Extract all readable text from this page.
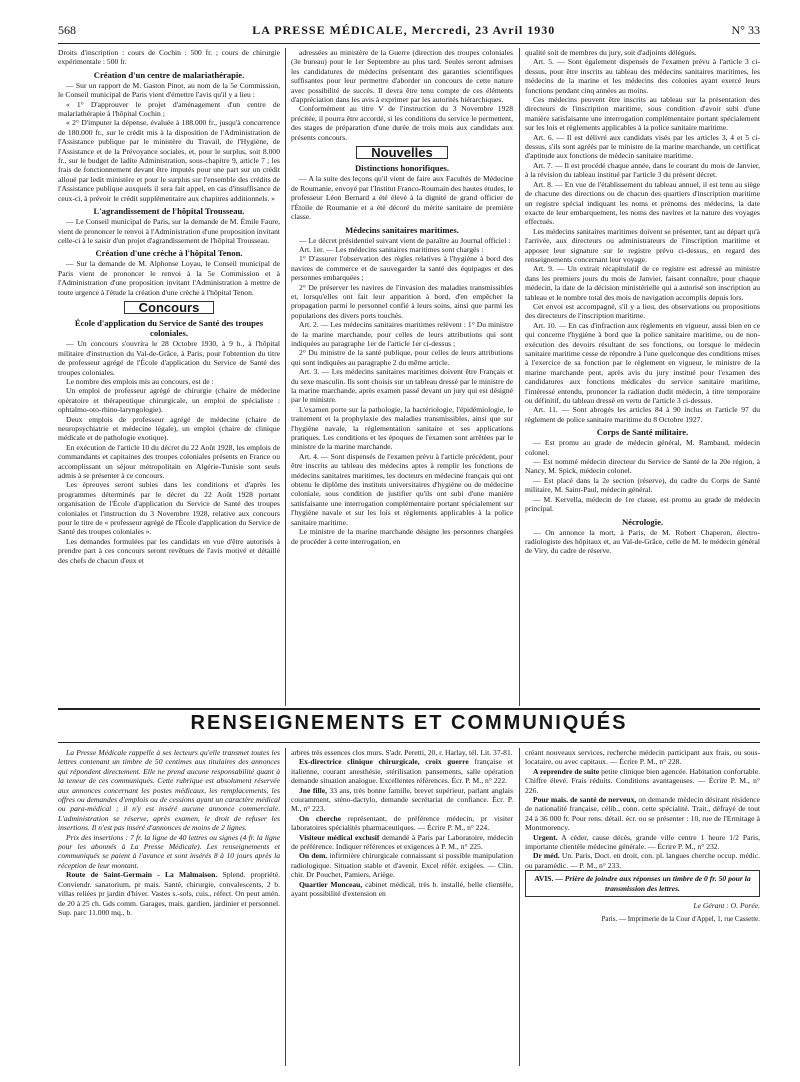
568	LA PRESSE MÉDICALE, Mercredi, 23 Avril 1930	N° 33

Droits d'inscription : cours de Cochin : 500 fr. ; cours de chirurgie expérimentale : 500 fr.

Création d'un centre de malariathérapie.

— Sur un rapport de M. Gaston Pinot, au nom de la 5e Commission, le Conseil municipal de Paris vient d'émettre l'avis qu'il y a lieu :

« 1° D'approuver le projet d'aménagement d'un centre de malariathérapie à l'hôpital Cochin ;

« 2° D'imputer la dépense, évaluée à 188.000 fr., jusqu'à concurrence de 180.000 fr., sur le crédit mis à la disposition de l'Administration de l'Assistance publique par le ministère du Travail, de l'Hygiène, de l'Assistance et de la Prévoyance sociales, et, pour le surplus, soit 8.000 fr., sur le budget de ladite Administration, sous-chapitre 9, article 7 ; les frais de fonctionnement devant être imputés pour une part sur un crédit alloué par ledit ministère et pour le surplus sur l'ensemble des crédits de l'Assistance publique auxquels il sera fait appel, en cas d'insuffisance de ceux-ci, à prévoir le crédit supplémentaire aux chapitres additionnels. »

L'agrandissement de l'hôpital Trousseau.

— Le Conseil municipal de Paris, sur la demande de M. Émile Faure, vient de prononcer le renvoi à l'Administration d'une proposition invitant celle-ci à le saisir d'un projet d'agrandissement de l'hôpital Trousseau.

Création d'une crèche à l'hôpital Tenon.

— Sur la demande de M. Alphonse Loyau, le Conseil municipal de Paris vient de prononcer le renvoi à la 5e Commission et à l'Administration d'une proposition invitant l'Administration à mettre de toute urgence à l'étude la création d'une crèche à l'hôpital Tenon.

Concours
École d'application du Service de Santé des troupes coloniales.

— Un concours s'ouvrira le 28 Octobre 1930, à 9 h., à l'hôpital militaire d'instruction du Val-de-Grâce, à Paris, pour l'obtention du titre de professeur agrégé de l'École d'application du Service de Santé des troupes coloniales.

Le nombre des emplois mis au concours, est de :

Un emploi de professeur agrégé de chirurgie (chaire de médecine opératoire et thérapeutique chirurgicale, un emploi de spécialiste : ophtalmo-oto-rhino-laryngologie).

Deux emplois de professeur agrégé de médecine (chaire de neuropsychiatrie et médecine légale), un emploi (chaire de clinique médicale et de pathologie exotique).

En exécution de l'article 10 du décret du 22 Août 1928, les emplois de commandants et capitaines des troupes coloniales présents en France ou accomplissant un séjour métropolitain en Algérie-Tunisie sont seuls admis à se présenter à ce concours.

Les épreuves seront subies dans les conditions et d'après les programmes déterminés par le décret du 22 Août 1928 portant organisation de l'École d'application du Service de Santé des troupes coloniales et l'instruction du 3 Novembre 1928, relative aux concours pour le titre de « professeur agrégé de l'École d'application du Service de Santé des troupes coloniales ».

Les demandes formulées par les candidats en vue d'être autorisés à prendre part à ces concours seront revêtues de l'avis motivé et détaillé des chefs de chacun d'eux et

adressées au ministère de la Guerre (direction des troupes coloniales (3e bureau) pour le 1er Septembre au plus tard. Seules seront admises les candidatures de médecins présentant des garanties scientifiques suffisantes pour leur permettre d'aborder un concours de cette nature avec possibilité de succès. Il devra être tenu compte de ces éléments d'appréciation dans les avis à exprimer par les autorités hiérarchiques.

Conformément au titre V de l'instruction du 3 Novembre 1928 précitée, il pourra être accordé, si les conditions du service le permettent, des stages de préparation d'une durée de trois mois aux candidats aux présents concours.

Nouvelles
Distinctions honorifiques.

— A la suite des leçons qu'il vient de faire aux Facultés de Médecine de Roumanie, envoyé par l'Institut Franco-Roumain des hautes études, le professeur Léon Bernard a été élevé à la dignité de grand officier de l'Étoile de Roumanie et a été décoré du mérite sanitaire de première classe.

Médecins sanitaires maritimes.

— Le décret présidentiel suivant vient de paraître au Journal officiel :

Art. 1er. — Les médecins sanitaires maritimes sont chargés :

1° D'assurer l'observation des règles relatives à l'hygiène à bord des navires de commerce et de sauvegarder la santé des équipages et des personnes embarquées ;

2° De préserver les navires de l'invasion des maladies transmissibles et, lorsqu'elles ont fait leur apparition à bord, d'en empêcher la propagation parmi le personnel confié à leurs soins, ainsi que parmi les populations des divers ports touchés.

Art. 2. — Les médecins sanitaires maritimes relèvent : 1° Du ministre de la marine marchande, pour celles de leurs attributions qui sont indiquées au paragraphe 1er de l'article 1er ci-dessus ;

2° Du ministre de la santé publique, pour celles de leurs attributions qui sont indiquées au paragraphe 2 du même article.

Art. 3. — Les médecins sanitaires maritimes doivent être Français et du sexe masculin. Ils sont choisis sur un tableau dressé par le ministre de la marine marchande, après examen passé devant un jury qui est désigné par le ministre.

L'examen porte sur la pathologie, la bactériologie, l'épidémiologie, le traitement et la prophylaxie des maladies transmissibles, ainsi que sur l'hygiène navale, la réglementation sanitaire et ses applications pratiques. Les conditions et les époques de l'examen sont arrêtées par le ministre de la marine marchande.

Art. 4. — Sont dispensés de l'examen prévu à l'article précédent, pour être inscrits au tableau des médecins aptes à remplir les fonctions de médecins sanitaires maritimes, les docteurs en médecine français qui ont obtenu le diplôme des instituts universitaires d'hygiène ou de médecine coloniale, sous condition de justifier qu'ils ont subi d'une manière satisfaisante une interrogation complémentaire portant spécialement sur l'hygiène navale et sur les lois et règlements applicables à la police sanitaire maritime.

Le ministre de la marine marchande désigne les personnes chargées de procéder à cette interrogation, en

qualité soit de membres du jury, soit d'adjoints délégués.

Art. 5. — Sont également dispensés de l'examen prévu à l'article 3 ci-dessus, pour être inscrits au tableau des médecins sanitaires maritimes, les médecins de la marine et les médecins des colonies ayant exercé leurs fonctions pendant cinq années au moins.

Ces médecins peuvent être inscrits au tableau sur la présentation des directeurs de l'inscription maritime, sous condition d'avoir subi d'une manière satisfaisante une interrogation complémentaire portant spécialement sur les lois et règlements applicables à la police sanitaire maritime.

Art. 6. — Il est délivré aux candidats visés par les articles 3, 4 et 5 ci-dessus, s'ils sont agréés par le ministre de la marine marchande, un certificat d'aptitude aux fonctions de médecin sanitaire maritime.

Art. 7. — Il est procédé chaque année, dans le courant du mois de Janvier, à la révision du tableau institué par l'article 3 du présent décret.

Art. 8. — En vue de l'établissement du tableau annuel, il est tenu au siège de chacune des directions ou de chacun des quartiers d'inscription maritime un registre spécial indiquant les noms et prénoms des médecins, la date exacte de leur embarquement, les noms des navires et la nature des voyages effectués.

Les médecins sanitaires maritimes doivent se présenter, tant au départ qu'à l'arrivée, aux directeurs ou administrateurs de l'inscription maritime et apposer leur signature sur le registre prévu ci-dessus, en regard des renseignements concernant leur voyage.

Art. 9. — Un extrait récapitulatif de ce registre est adressé au ministre dans les premiers jours du mois de Janvier, faisant connaître, pour chaque médecin, la date de la décision ministérielle qui a autorisé son inscription au tableau et le nombre total des mois de navigation accomplis depuis lors.

Cet envoi est accompagné, s'il y a lieu, des observations ou propositions des directeurs de l'inscription maritime.

Art. 10. — En cas d'infraction aux règlements en vigueur, aussi bien en ce qui concerne l'hygiène à bord que la police sanitaire maritime, ou de non-exécution des devoirs résultant de ses fonctions, ou lorsque le médecin sanitaire maritime cesse de répondre à l'une quelconque des conditions mises à l'exercice de sa fonction par le règlement en vigueur, le ministre de la marine marchande peut, après avis du jury institué pour l'examen des candidatures aux fonctions médicales du service sanitaire maritime, l'intéressé entendu, prononcer la radiation dudit médecin, à titre temporaire ou définitif, du tableau dressé en vertu de l'article 3 ci-dessus.

Art. 11. — Sont abrogés les articles 84 à 90 inclus et l'article 97 du règlement de police sanitaire maritime du 8 Octobre 1927.

Corps de Santé militaire.

— Est promu au grade de médecin général, M. Rambaud, médecin colonel.

— Est nommé médecin directeur du Service de Santé de la 20e région, à Nancy, M. Spick, médecin colonel.

— Est placé dans la 2e section (réserve), du cadre du Corps de Santé militaire, M. Saint-Paul, médecin général.

— M. Kervella, médecin de 1re classe, est promu au grade de médecin principal.

Nécrologie.

— On annonce la mort, à Paris, de M. Robert Chaperon, électro-radiologiste des hôpitaux et, au Val-de-Grâce, celle de M. le médecin général de Viry, du cadre de réserve.

RENSEIGNEMENTS ET COMMUNIQUÉS

La Presse Médicale rappelle à ses lecteurs qu'elle transmet toutes les lettres contenant un timbre de 50 centimes aux titulaires des annonces qui répondent directement. Elle ne prend aucune responsabilité quant à la teneur de ces communiqués. Cette rubrique est absolument réservée aux annonces concernant les postes médicaux, les remplacements, les offres ou demandes d'emplois ou de cessions ayant un caractère médical ou para-médical ; il n'y est inséré aucune annonce commerciale. L'administration se réserve, après examen, le droit de refuser les insertions. Il n'est pas inséré d'annonces de moins de 2 lignes.

Prix des insertions : 7 fr. la ligne de 40 lettres ou signes (4 fr. la ligne pour les abonnés à La Presse Médicale). Les renseignements et communiqués se paient à l'avance et sont insérés 8 à 10 jours après la réception de leur montant.

Route de Saint-Germain - La Malmaison. Splend. propriété. Conviendr. sanatorium, pr mais. Santé, chirurgie, convalescents, 2 b. villas reliées pr jardin d'hiver. Vastes s.-sols, cuis., réfect. On peut amén. de 20 à 25 ch. Gds comm. Garages, mais. gardien, jardinier et personnel. Sup. parc 11.000 mq., b.

arbres très essences clos murs. S'adr. Peretti, 20, r. Harlay, tél. Lit. 37-81.

Ex-directrice clinique chirurgicale, croix guerre française et italienne, courant anesthésie, stérilisation pansements, salle opération demande situation analogue. Excellentes références. Écr. P. M., n° 222.

Jne fille, 33 ans, très bonne famille, brevet supérieur, parlant anglais couramment, sténo-dactylo, demande secrétariat de confiance. Écr. P. M., n° 223.

On cherche représentant, de préférence médecin, pr visiter laboratoires spécialités pharmaceutiques. — Écrire P. M., n° 224.

Visiteur médical exclusif demandé à Paris par Laboratoire, médecin de préférence. Indiquer références et exigences à P. M., n° 225.

On dem. infirmière chirurgicale connaissant si possible manipulation radiologique. Situation stable et d'avenir. Excel référ. exigées. — Clin. chir. Dr Pouchet, Pamiers, Ariège.

Quartier Monceau, cabinet médical, très b. installé, belle clientèle, ayant possibilité d'extension en

créant nouveaux services, recherche médecin participant aux frais, ou sous-locataire, ou avec capitaux. — Écrire P. M., n° 228.

A reprendre de suite petite clinique bien agencée. Habitation confortable. Chiffre élevé. Frais réduits. Conditions avantageuses. — Écrire P. M., n° 226.

Pour mais. de santé de nerveux, on demande médecin désirant résidence de nationalité française, célib., conn. cette spécialité. Trait., défrayé de tout 24 à 36 000 fr. Pour rens. détail. écr. ou se présenter : 10, rue de l'Ermitage à Montmorency.

Urgent. A céder, cause décès, grande ville centre 1 heure 1/2 Paris, importante clientèle médecine générale. — Écrire P. M., n° 232.

Dr méd. Un. Paris, Doct. en droit, con. pl. langues cherche occup. médic. ou paramédic. — P. M., n° 233.

AVIS. — Prière de joindre aux réponses un timbre de 0 fr. 50 pour la transmission des lettres.
Le Gérant : O. Porée.
Paris. — Imprimerie de la Cour d'Appel, 1, rue Cassette.
